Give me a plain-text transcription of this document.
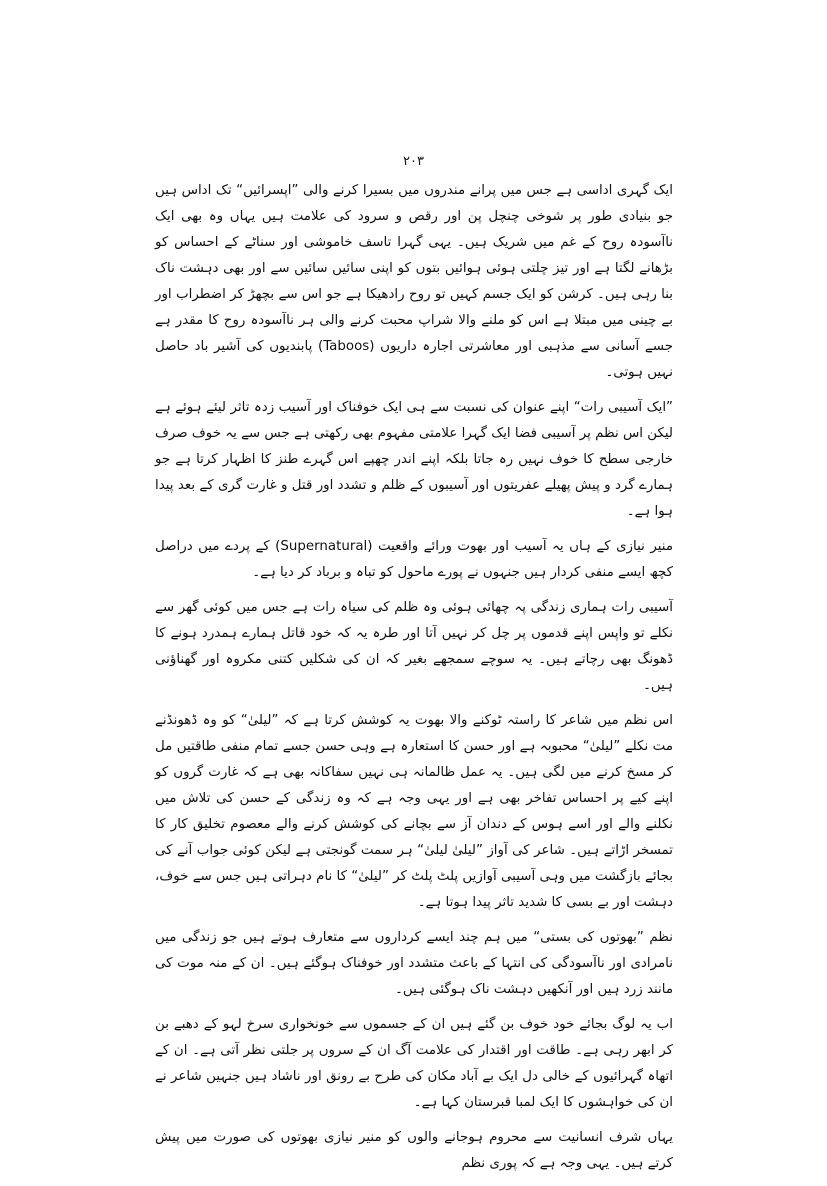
۲۰۳

ایک گہری اداسی ہے جس میں پرانے مندروں میں بسیرا کرنے والی ”اپسرائیں“ تک اداس ہیں جو بنیادی طور پر شوخی چنچل پن اور رقص و سرود کی علامت ہیں یہاں وہ بھی ایک ناآسودہ روح کے غم میں شریک ہیں۔ یہی گہرا تاسف خاموشی اور سناٹے کے احساس کو بڑھانے لگتا ہے اور تیز چلتی ہوئی ہوائیں بتوں کو اپنی سائیں سائیں سے اور بھی دہشت ناک بنا رہی ہیں۔ کرشن کو ایک جسم کہیں تو روح رادھیکا ہے جو اس سے بچھڑ کر اضطراب اور بے چینی میں مبتلا ہے اس کو ملنے والا شراپ محبت کرنے والی ہر ناآسودہ روح کا مقدر ہے جسے آسانی سے مذہبی اور معاشرتی اجارہ داریوں (Taboos) پابندیوں کی آشیر باد حاصل نہیں ہوتی۔

”ایک آسیبی رات“ اپنے عنوان کی نسبت سے ہی ایک خوفناک اور آسیب زدہ تاثر لیئے ہوئے ہے لیکن اس نظم پر آسیبی فضا ایک گہرا علامتی مفہوم بھی رکھتی ہے جس سے یہ خوف صرف خارجی سطح کا خوف نہیں رہ جاتا بلکہ اپنے اندر چھپے اس گہرے طنز کا اظہار کرتا ہے جو ہمارے گرد و پیش پھیلے عفریتوں اور آسیبوں کے ظلم و تشدد اور قتل و غارت گری کے بعد پیدا ہوا ہے۔

منیر نیازی کے ہاں یہ آسیب اور بھوت ورائے واقعیت (Supernatural) کے پردے میں دراصل کچھ ایسے منفی کردار ہیں جنہوں نے پورے ماحول کو تباہ و برباد کر دیا ہے۔

آسیبی رات ہماری زندگی پہ چھائی ہوئی وہ ظلم کی سیاہ رات ہے جس میں کوئی گھر سے نکلے تو واپس اپنے قدموں پر چل کر نہیں آتا اور طرہ یہ کہ خود قاتل ہمارے ہمدرد ہونے کا ڈھونگ بھی رچاتے ہیں۔ یہ سوچے سمجھے بغیر کہ ان کی شکلیں کتنی مکروہ اور گھناؤنی ہیں۔

اس نظم میں شاعر کا راستہ ٹوکنے والا بھوت یہ کوشش کرتا ہے کہ ”لیلیٰ“ کو وہ ڈھونڈنے مت نکلے ”لیلیٰ“ محبوبہ ہے اور حسن کا استعارہ ہے وہی حسن جسے تمام منفی طاقتیں مل کر مسخ کرنے میں لگی ہیں۔ یہ عمل ظالمانہ ہی نہیں سفاکانہ بھی ہے کہ غارت گروں کو اپنے کیے پر احساس تفاخر بھی ہے اور یہی وجہ ہے کہ وہ زندگی کے حسن کی تلاش میں نکلنے والے اور اسے ہوس کے دندان آز سے بچانے کی کوشش کرنے والے معصوم تخلیق کار کا تمسخر اڑاتے ہیں۔ شاعر کی آواز ”لیلیٰ لیلیٰ“ ہر سمت گونجتی ہے لیکن کوئی جواب آنے کی بجائے بازگشت میں وہی آسیبی آوازیں پلٹ پلٹ کر ”لیلیٰ“ کا نام دہراتی ہیں جس سے خوف، دہشت اور بے بسی کا شدید تاثر پیدا ہوتا ہے۔

نظم ”بھوتوں کی بستی“ میں ہم چند ایسے کرداروں سے متعارف ہوتے ہیں جو زندگی میں نامرادی اور ناآسودگی کی انتہا کے باعث متشدد اور خوفناک ہوگئے ہیں۔ ان کے منہ موت کی مانند زرد ہیں اور آنکھیں دہشت ناک ہوگئی ہیں۔

اب یہ لوگ بجائے خود خوف بن گئے ہیں ان کے جسموں سے خونخواری سرخ لہو کے دھبے بن کر ابھر رہی ہے۔ طاقت اور اقتدار کی علامت آگ ان کے سروں پر جلتی نظر آتی ہے۔ ان کے اتھاہ گہرائیوں کے خالی دل ایک بے آباد مکان کی طرح بے رونق اور ناشاد ہیں جنہیں شاعر نے ان کی خواہشوں کا ایک لمبا قبرستان کہا ہے۔

یہاں شرف انسانیت سے محروم ہوجانے والوں کو منیر نیازی بھوتوں کی صورت میں پیش کرتے ہیں۔ یہی وجہ ہے کہ پوری نظم
